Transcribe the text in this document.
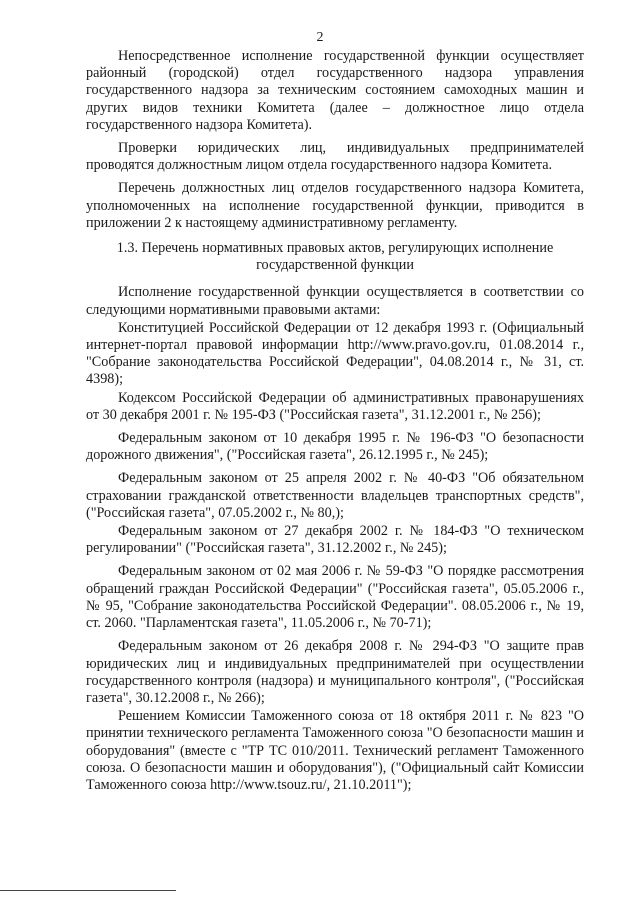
2

Непосредственное исполнение государственной функции осуществляет районный (городской) отдел государственного надзора управления государственного надзора за техническим состоянием самоходных машин и других видов техники Комитета (далее – должностное лицо отдела государственного надзора Комитета).

Проверки юридических лиц, индивидуальных предпринимателей проводятся должностным лицом отдела государственного надзора Комитета.

Перечень должностных лиц отделов государственного надзора Комитета, уполномоченных на исполнение государственной функции, приводится в приложении 2 к настоящему административному регламенту.

1.3. Перечень нормативных правовых актов, регулирующих исполнение государственной функции

Исполнение государственной функции осуществляется в соответствии со следующими нормативными правовыми актами:

Конституцией Российской Федерации от 12 декабря 1993 г. (Официальный интернет-портал правовой информации http://www.pravo.gov.ru, 01.08.2014 г., "Собрание законодательства Российской Федерации", 04.08.2014 г., № 31, ст. 4398);

Кодексом Российской Федерации об административных правонарушениях от 30 декабря 2001 г. № 195-ФЗ ("Российская газета", 31.12.2001 г., № 256);

Федеральным законом от 10 декабря 1995 г. № 196-ФЗ "О безопасности дорожного движения", ("Российская газета", 26.12.1995 г., № 245);

Федеральным законом от 25 апреля 2002 г. № 40-ФЗ "Об обязательном страховании гражданской ответственности владельцев транспортных средств", ("Российская газета", 07.05.2002 г., № 80,);

Федеральным законом от 27 декабря 2002 г. № 184-ФЗ "О техническом регулировании" ("Российская газета", 31.12.2002 г., № 245);

Федеральным законом от 02 мая 2006 г. № 59-ФЗ "О порядке рассмотрения обращений граждан Российской Федерации" ("Российская газета", 05.05.2006 г., № 95, "Собрание законодательства Российской Федерации". 08.05.2006 г., № 19, ст. 2060. "Парламентская газета", 11.05.2006 г., № 70-71);

Федеральным законом от 26 декабря 2008 г. № 294-ФЗ "О защите прав юридических лиц и индивидуальных предпринимателей при осуществлении государственного контроля (надзора) и муниципального контроля", ("Российская газета", 30.12.2008 г., № 266);

Решением Комиссии Таможенного союза от 18 октября 2011 г. № 823 "О принятии технического регламента Таможенного союза "О безопасности машин и оборудования" (вместе с "ТР ТС 010/2011. Технический регламент Таможенного союза. О безопасности машин и оборудования"), ("Официальный сайт Комиссии Таможенного союза http://www.tsouz.ru/, 21.10.2011");
